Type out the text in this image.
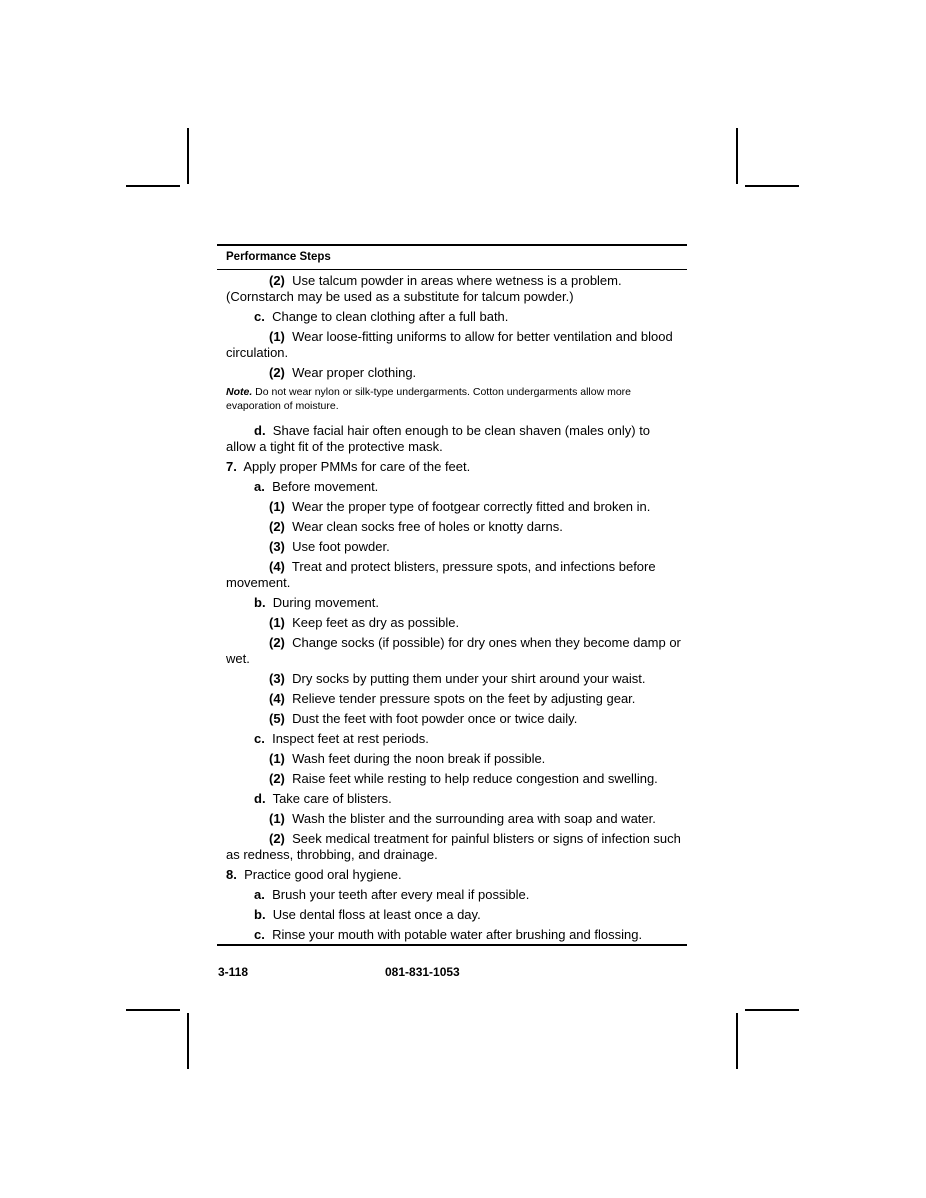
Performance Steps

(2) Use talcum powder in areas where wetness is a problem. (Cornstarch may be used as a substitute for talcum powder.)

c. Change to clean clothing after a full bath.

(1) Wear loose-fitting uniforms to allow for better ventilation and blood circulation.

(2) Wear proper clothing.

Note. Do not wear nylon or silk-type undergarments. Cotton undergarments allow more evaporation of moisture.

d. Shave facial hair often enough to be clean shaven (males only) to allow a tight fit of the protective mask.

7. Apply proper PMMs for care of the feet.

a. Before movement.

(1) Wear the proper type of footgear correctly fitted and broken in.

(2) Wear clean socks free of holes or knotty darns.

(3) Use foot powder.

(4) Treat and protect blisters, pressure spots, and infections before movement.

b. During movement.

(1) Keep feet as dry as possible.

(2) Change socks (if possible) for dry ones when they become damp or wet.

(3) Dry socks by putting them under your shirt around your waist.

(4) Relieve tender pressure spots on the feet by adjusting gear.

(5) Dust the feet with foot powder once or twice daily.

c. Inspect feet at rest periods.

(1) Wash feet during the noon break if possible.

(2) Raise feet while resting to help reduce congestion and swelling.

d. Take care of blisters.

(1) Wash the blister and the surrounding area with soap and water.

(2) Seek medical treatment for painful blisters or signs of infection such as redness, throbbing, and drainage.

8. Practice good oral hygiene.

a. Brush your teeth after every meal if possible.

b. Use dental floss at least once a day.

c. Rinse your mouth with potable water after brushing and flossing.

3-118	081-831-1053
